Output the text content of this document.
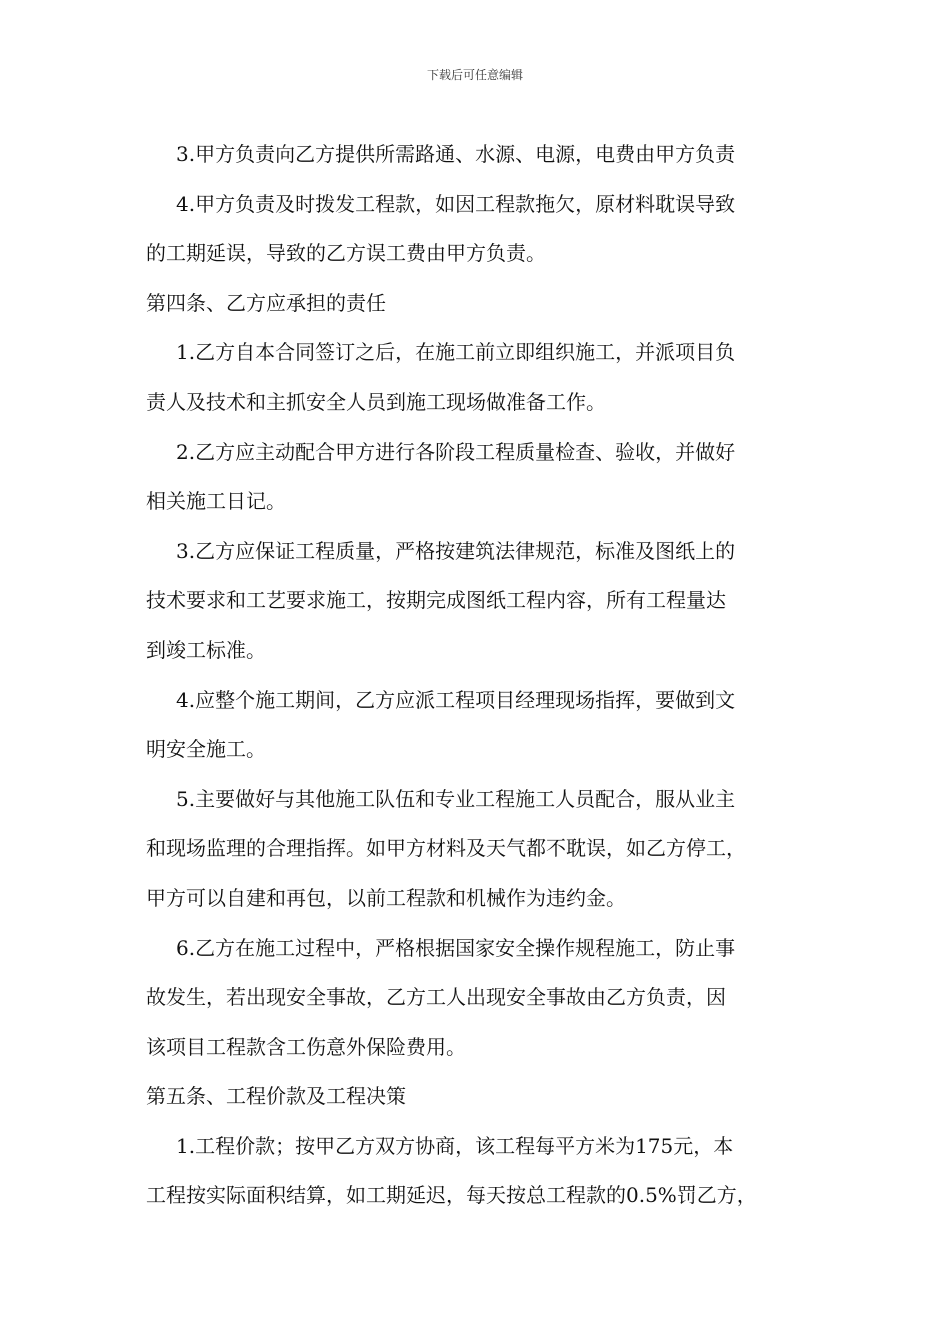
下载后可任意编辑
3.甲方负责向乙方提供所需路通、水源、电源，电费由甲方负责
4.甲方负责及时拨发工程款，如因工程款拖欠，原材料耽误导致
的工期延误，导致的乙方误工费由甲方负责。
第四条、乙方应承担的责任
1.乙方自本合同签订之后，在施工前立即组织施工，并派项目负
责人及技术和主抓安全人员到施工现场做准备工作。
2.乙方应主动配合甲方进行各阶段工程质量检查、验收，并做好
相关施工日记。
3.乙方应保证工程质量，严格按建筑法律规范，标准及图纸上的
技术要求和工艺要求施工，按期完成图纸工程内容，所有工程量达
到竣工标准。
4.应整个施工期间，乙方应派工程项目经理现场指挥，要做到文
明安全施工。
5.主要做好与其他施工队伍和专业工程施工人员配合，服从业主
和现场监理的合理指挥。如甲方材料及天气都不耽误，如乙方停工，
甲方可以自建和再包，以前工程款和机械作为违约金。
6.乙方在施工过程中，严格根据国家安全操作规程施工，防止事
故发生，若出现安全事故，乙方工人出现安全事故由乙方负责，因
该项目工程款含工伤意外保险费用。
第五条、工程价款及工程决策
1.工程价款；按甲乙方双方协商，该工程每平方米为175元，本
工程按实际面积结算，如工期延迟，每天按总工程款的0.5%罚乙方，
